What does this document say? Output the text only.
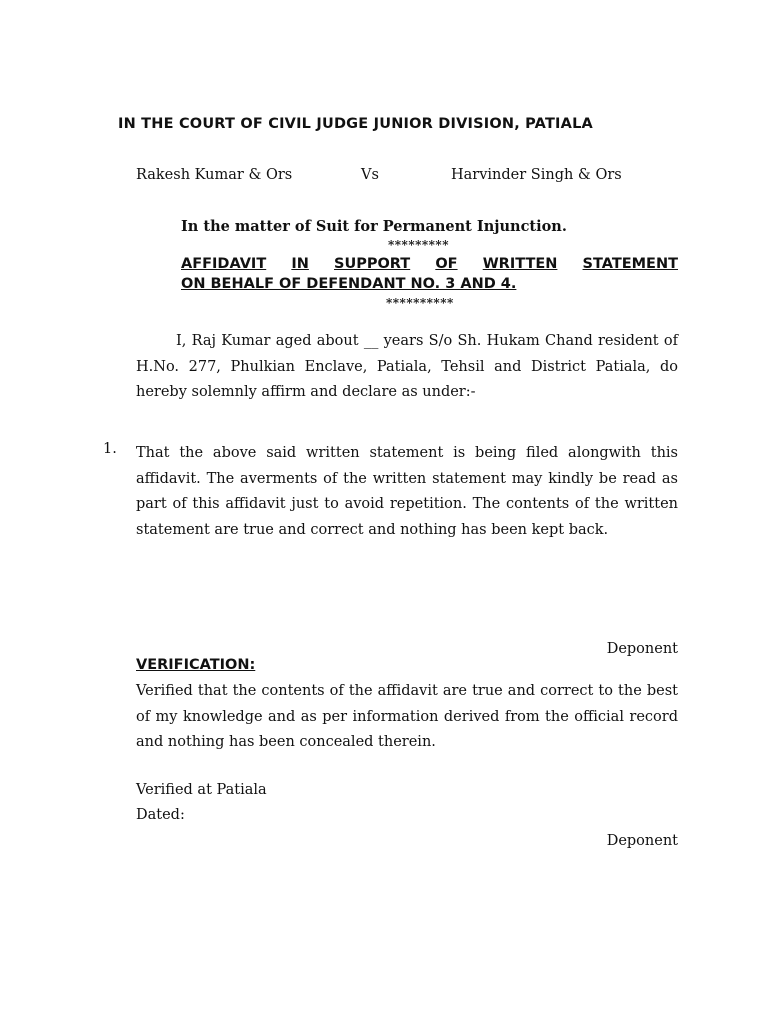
IN THE COURT OF CIVIL JUDGE JUNIOR DIVISION, PATIALA
Rakesh Kumar & Ors	Vs	Harvinder Singh & Ors
In the matter of Suit for Permanent Injunction.
*********
AFFIDAVIT IN SUPPORT OF WRITTEN STATEMENT
ON BEHALF OF DEFENDANT NO. 3 AND 4.
**********
I, Raj Kumar aged about __ years S/o Sh. Hukam Chand resident of H.No. 277, Phulkian Enclave, Patiala, Tehsil and District Patiala, do hereby solemnly affirm and declare as under:-
1. That the above said written statement is being filed alongwith this affidavit. The averments of the written statement may kindly be read as part of this affidavit just to avoid repetition. The contents of the written statement are true and correct and nothing has been kept back.
Deponent
VERIFICATION:
Verified that the contents of the affidavit are true and correct to the best of my knowledge and as per information derived from the official record and nothing has been concealed therein.
Verified at Patiala
Dated:
Deponent
